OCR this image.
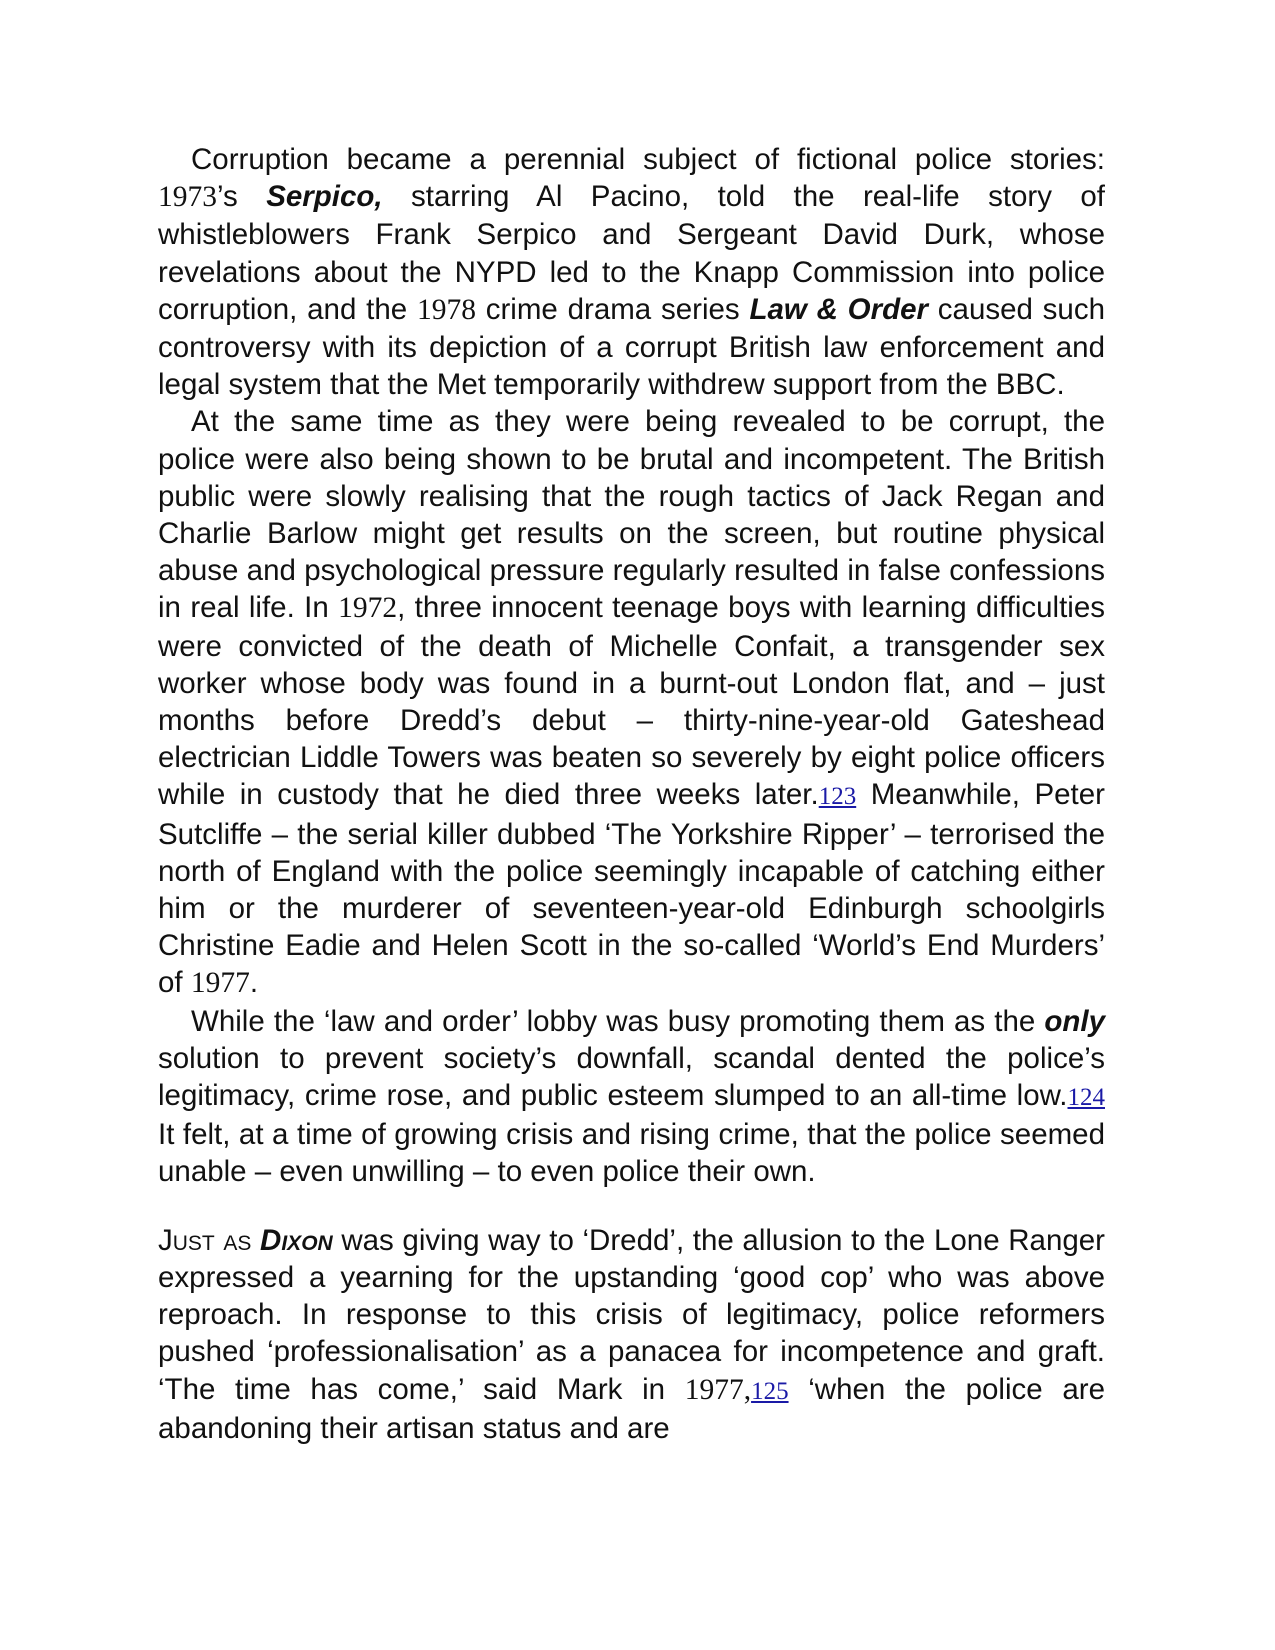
Corruption became a perennial subject of fictional police stories: 1973’s Serpico, starring Al Pacino, told the real-life story of whistleblowers Frank Serpico and Sergeant David Durk, whose revelations about the NYPD led to the Knapp Commission into police corruption, and the 1978 crime drama series Law & Order caused such controversy with its depiction of a corrupt British law enforcement and legal system that the Met temporarily withdrew support from the BBC.

At the same time as they were being revealed to be corrupt, the police were also being shown to be brutal and incompetent. The British public were slowly realising that the rough tactics of Jack Regan and Charlie Barlow might get results on the screen, but routine physical abuse and psychological pressure regularly resulted in false confessions in real life. In 1972, three innocent teenage boys with learning difficulties were convicted of the death of Michelle Confait, a transgender sex worker whose body was found in a burnt-out London flat, and – just months before Dredd’s debut – thirty-nine-year-old Gateshead electrician Liddle Towers was beaten so severely by eight police officers while in custody that he died three weeks later.123 Meanwhile, Peter Sutcliffe – the serial killer dubbed ‘The Yorkshire Ripper’ – terrorised the north of England with the police seemingly incapable of catching either him or the murderer of seventeen-year-old Edinburgh schoolgirls Christine Eadie and Helen Scott in the so-called ‘World’s End Murders’ of 1977.

While the ‘law and order’ lobby was busy promoting them as the only solution to prevent society’s downfall, scandal dented the police’s legitimacy, crime rose, and public esteem slumped to an all-time low.124 It felt, at a time of growing crisis and rising crime, that the police seemed unable – even unwilling – to even police their own.

Just as Dixon was giving way to ‘Dredd’, the allusion to the Lone Ranger expressed a yearning for the upstanding ‘good cop’ who was above reproach. In response to this crisis of legitimacy, police reformers pushed ‘professionalisation’ as a panacea for incompetence and graft. ‘The time has come,’ said Mark in 1977,125 ‘when the police are abandoning their artisan status and are
